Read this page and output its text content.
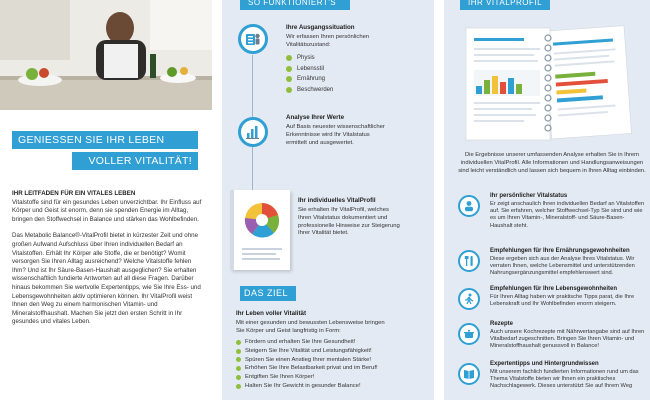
GENIESSEN SIE IHR LEBEN
VOLLER VITALITÄT!

IHR LEITFADEN FÜR EIN VITALES LEBEN
Vitalstoffe sind für ein gesundes Leben unverzichtbar. Ihr Einfluss auf Körper und Geist ist enorm, denn sie spenden Energie im Alltag, bringen den Stoffwechsel in Balance und stärken das Wohlbefinden.

Das Metabolic Balance®-VitalProfil bietet in kürzester Zeit und ohne großen Aufwand Aufschluss über Ihren individuellen Bedarf an Vitalstoffen. Erhält Ihr Körper alle Stoffe, die er benötigt? Womit versorgen Sie Ihren Alltag ausreichend? Welche Vitalstoffe fehlen Ihm? Und ist Ihr Säure-Basen-Haushalt ausgeglichen? Sie erhalten wissenschaftlich fundierte Antworten auf all diese Fragen. Darüber hinaus bekommen Sie wertvolle Expertentipps, wie Sie Ihre Ess- und Lebensgewohnheiten aktiv optimieren können. Ihr VitalProfil weist Ihnen den Weg zu einem harmonischen Vitamin- und Mineralstoffhaushalt. Machen Sie jetzt den ersten Schritt in Ihr gesundes und vitales Leben.

SO FUNKTIONIERT'S
Ihre Ausgangssituation
Wir erfassen Ihren persönlichen Vitalitätszustand:
Physis
Lebensstil
Ernährung
Beschwerden
Analyse Ihrer Werte
Auf Basis neuester wissenschaftlicher Erkenntnisse wird Ihr Vitalstatus ermittelt und ausgewertet.
Ihr individuelles VitalProfil
Sie erhalten Ihr VitalProfil, welches Ihren Vitalstatus dokumentiert und professionelle Hinweise zur Steigerung Ihrer Vitalität bietet.
DAS ZIEL
Ihr Leben voller Vitalität
Mit einer gesunden und bewussten Lebensweise bringen Sie Körper und Geist langfristig in Form:
Fördern und erhalten Sie Ihre Gesundheit!
Steigern Sie Ihre Vitalität und Leistungsfähigkeit!
Spüren Sie einen Anstieg Ihrer mentalen Stärke!
Erhöhen Sie Ihre Belastbarkeit privat und im Beruf!
Entgiften Sie Ihren Körper!
Halten Sie Ihr Gewicht in gesunder Balance!
IHR VITALPROFIL
Die Ergebnisse unserer umfassenden Analyse erhalten Sie in Ihrem individuellen VitalProfil. Alle Informationen und Handlungsanweisungen sind leicht verständlich und lassen sich bequem in Ihren Alltag einbinden.
Ihr persönlicher Vitalstatus
Er zeigt anschaulich Ihren individuellen Bedarf an Vitalstoffen auf. Sie erfahren, welcher Stoffwechsel-Typ Sie sind und wie es um Ihren Vitamin-, Mineralstoff- und Säure-Basen-Haushalt steht.
Empfehlungen für Ihre Ernährungsgewohnheiten
Diese ergeben sich aus der Analyse Ihres Vitalstatus. Wir verraten Ihnen, welche Lebensmittel und unterstützenden Nahrungsergänzungsmittel empfehlenswert sind.
Empfehlungen für Ihre Lebensgewohnheiten
Für Ihren Alltag haben wir praktische Tipps parat, die Ihre Lebenskraft und Ihr Wohlbefinden enorm steigern.
Rezepte
Auch unsere Kochrezepte mit Nährwertangabe sind auf Ihren Vitalbedarf zugeschnitten. Bringen Sie Ihren Vitamin- und Mineralstoffhaushalt genussvoll in Balance!
Expertentipps und Hintergrundwissen
Mit unserem fachlich fundierten Informationen rund um das Thema Vitalstoffe bieten wir Ihnen ein praktisches Nachschlagewerk. Dieses unterstützt Sie auf Ihrem Weg
